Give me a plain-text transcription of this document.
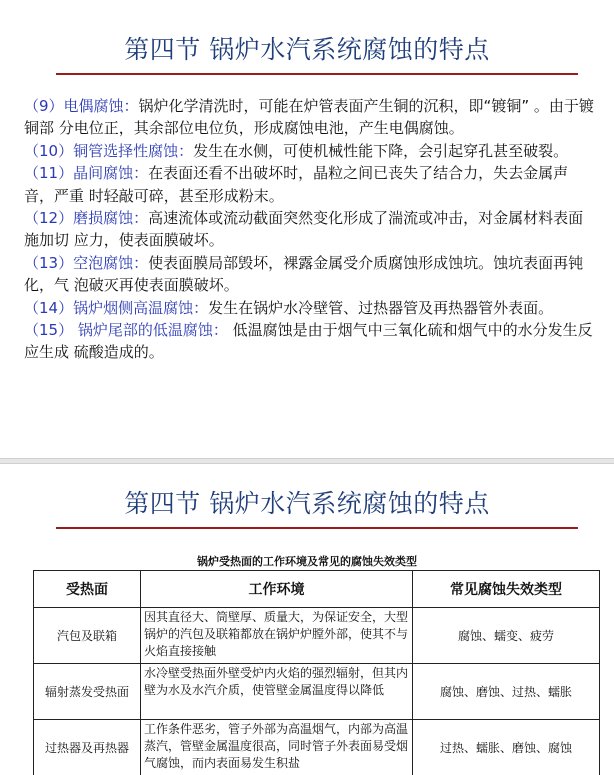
第四节 锅炉水汽系统腐蚀的特点

（9）电偶腐蚀：锅炉化学清洗时，可能在炉管表面产生铜的沉积，即“镀铜” 。由于镀铜部 分电位正，其余部位电位负，形成腐蚀电池，产生电偶腐蚀。

（10）铜管选择性腐蚀：发生在水侧，可使机械性能下降，会引起穿孔甚至破裂。

（11）晶间腐蚀：在表面还看不出破坏时，晶粒之间已丧失了结合力，失去金属声音，严重 时轻敲可碎，甚至形成粉末。

（12）磨损腐蚀：高速流体或流动截面突然变化形成了湍流或冲击，对金属材料表面施加切 应力，使表面膜破坏。

（13）空泡腐蚀：使表面膜局部毁坏，裸露金属受介质腐蚀形成蚀坑。蚀坑表面再钝化，气 泡破灭再使表面膜破坏。

（14）锅炉烟侧高温腐蚀：发生在锅炉水冷壁管、过热器管及再热器管外表面。

（15） 锅炉尾部的低温腐蚀： 低温腐蚀是由于烟气中三氧化硫和烟气中的水分发生反应生成 硫酸造成的。

第四节 锅炉水汽系统腐蚀的特点
锅炉受热面的工作环境及常见的腐蚀失效类型
受热面	工作环境	常见腐蚀失效类型
汽包及联箱	因其直径大、筒壁厚、质量大，为保证安全，大型锅炉的汽包及联箱都放在锅炉炉膛外部，使其不与火焰直接接触	腐蚀、蠕变、疲劳
辐射蒸发受热面	水冷壁受热面外壁受炉内火焰的强烈辐射，但其内壁为水及水汽介质，使管壁金属温度得以降低	腐蚀、磨蚀、过热、蠕胀
过热器及再热器	工作条件恶劣，管子外部为高温烟气，内部为高温蒸汽，管壁金属温度很高，同时管子外表面易受烟气腐蚀，而内表面易发生积盐	过热、蠕胀、磨蚀、腐蚀
